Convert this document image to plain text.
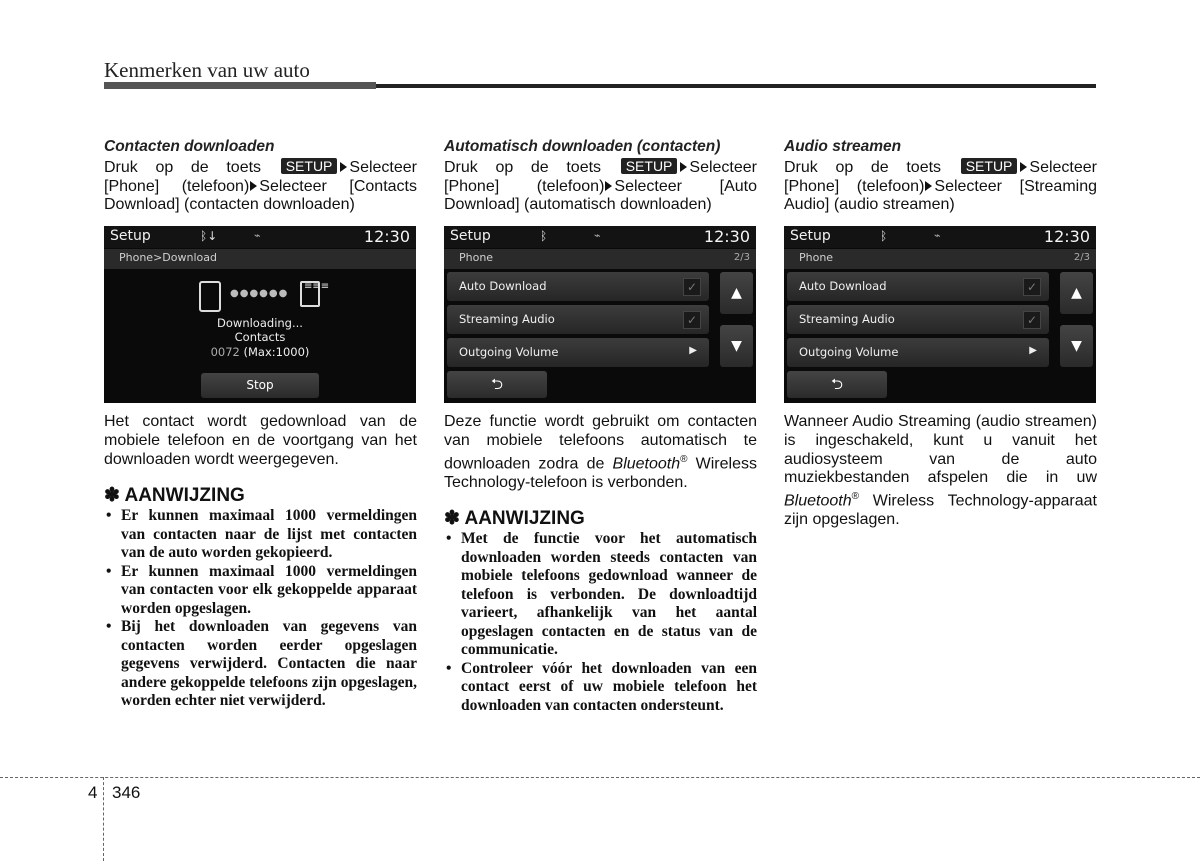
Kenmerken van uw auto

Contacten downloaden

Druk op de toets SETUP Selecteer [Phone] (telefoon) Selecteer [Contacts Download] (contacten downloaden)

Setup	ᛒ↓	⌁	12:30
Phone>Download
●●●●●●
≡≡≡
Downloading...
Contacts
0072 (Max:1000)
Stop

Het contact wordt gedownload van de mobiele telefoon en de voortgang van het downloaden wordt weergegeven.

✽ AANWIJZING

• Er kunnen maximaal 1000 vermeldingen van contacten naar de lijst met contacten van de auto worden gekopieerd.
• Er kunnen maximaal 1000 vermeldingen van contacten voor elk gekoppelde apparaat worden opgeslagen.
• Bij het downloaden van gegevens van contacten worden eerder opgeslagen gegevens verwijderd. Contacten die naar andere gekoppelde telefoons zijn opgeslagen, worden echter niet verwijderd.

Automatisch downloaden (contacten)

Druk op de toets SETUP Selecteer [Phone] (telefoon) Selecteer [Auto Download] (automatisch downloaden)

Setup	ᛒ	⌁	12:30
Phone	2/3
Auto Download	✓
Streaming Audio	✓
Outgoing Volume	▶
▲
▼
⮌

Deze functie wordt gebruikt om contacten van mobiele telefoons automatisch te downloaden zodra de Bluetooth® Wireless Technology-telefoon is verbonden.

✽ AANWIJZING

• Met de functie voor het automatisch downloaden worden steeds contacten van mobiele telefoons gedownload wanneer de telefoon is verbonden. De downloadtijd varieert, afhankelijk van het aantal opgeslagen contacten en de status van de communicatie.
• Controleer vóór het downloaden van een contact eerst of uw mobiele telefoon het downloaden van contacten ondersteunt.

Audio streamen

Druk op de toets SETUP Selecteer [Phone] (telefoon) Selecteer [Streaming Audio] (audio streamen)

Setup	ᛒ	⌁	12:30
Phone	2/3
Auto Download	✓
Streaming Audio	✓
Outgoing Volume	▶
▲
▼
⮌

Wanneer Audio Streaming (audio streamen) is ingeschakeld, kunt u vanuit het audiosysteem van de auto muziekbestanden afspelen die in uw Bluetooth® Wireless Technology-apparaat zijn opgeslagen.

4 346
